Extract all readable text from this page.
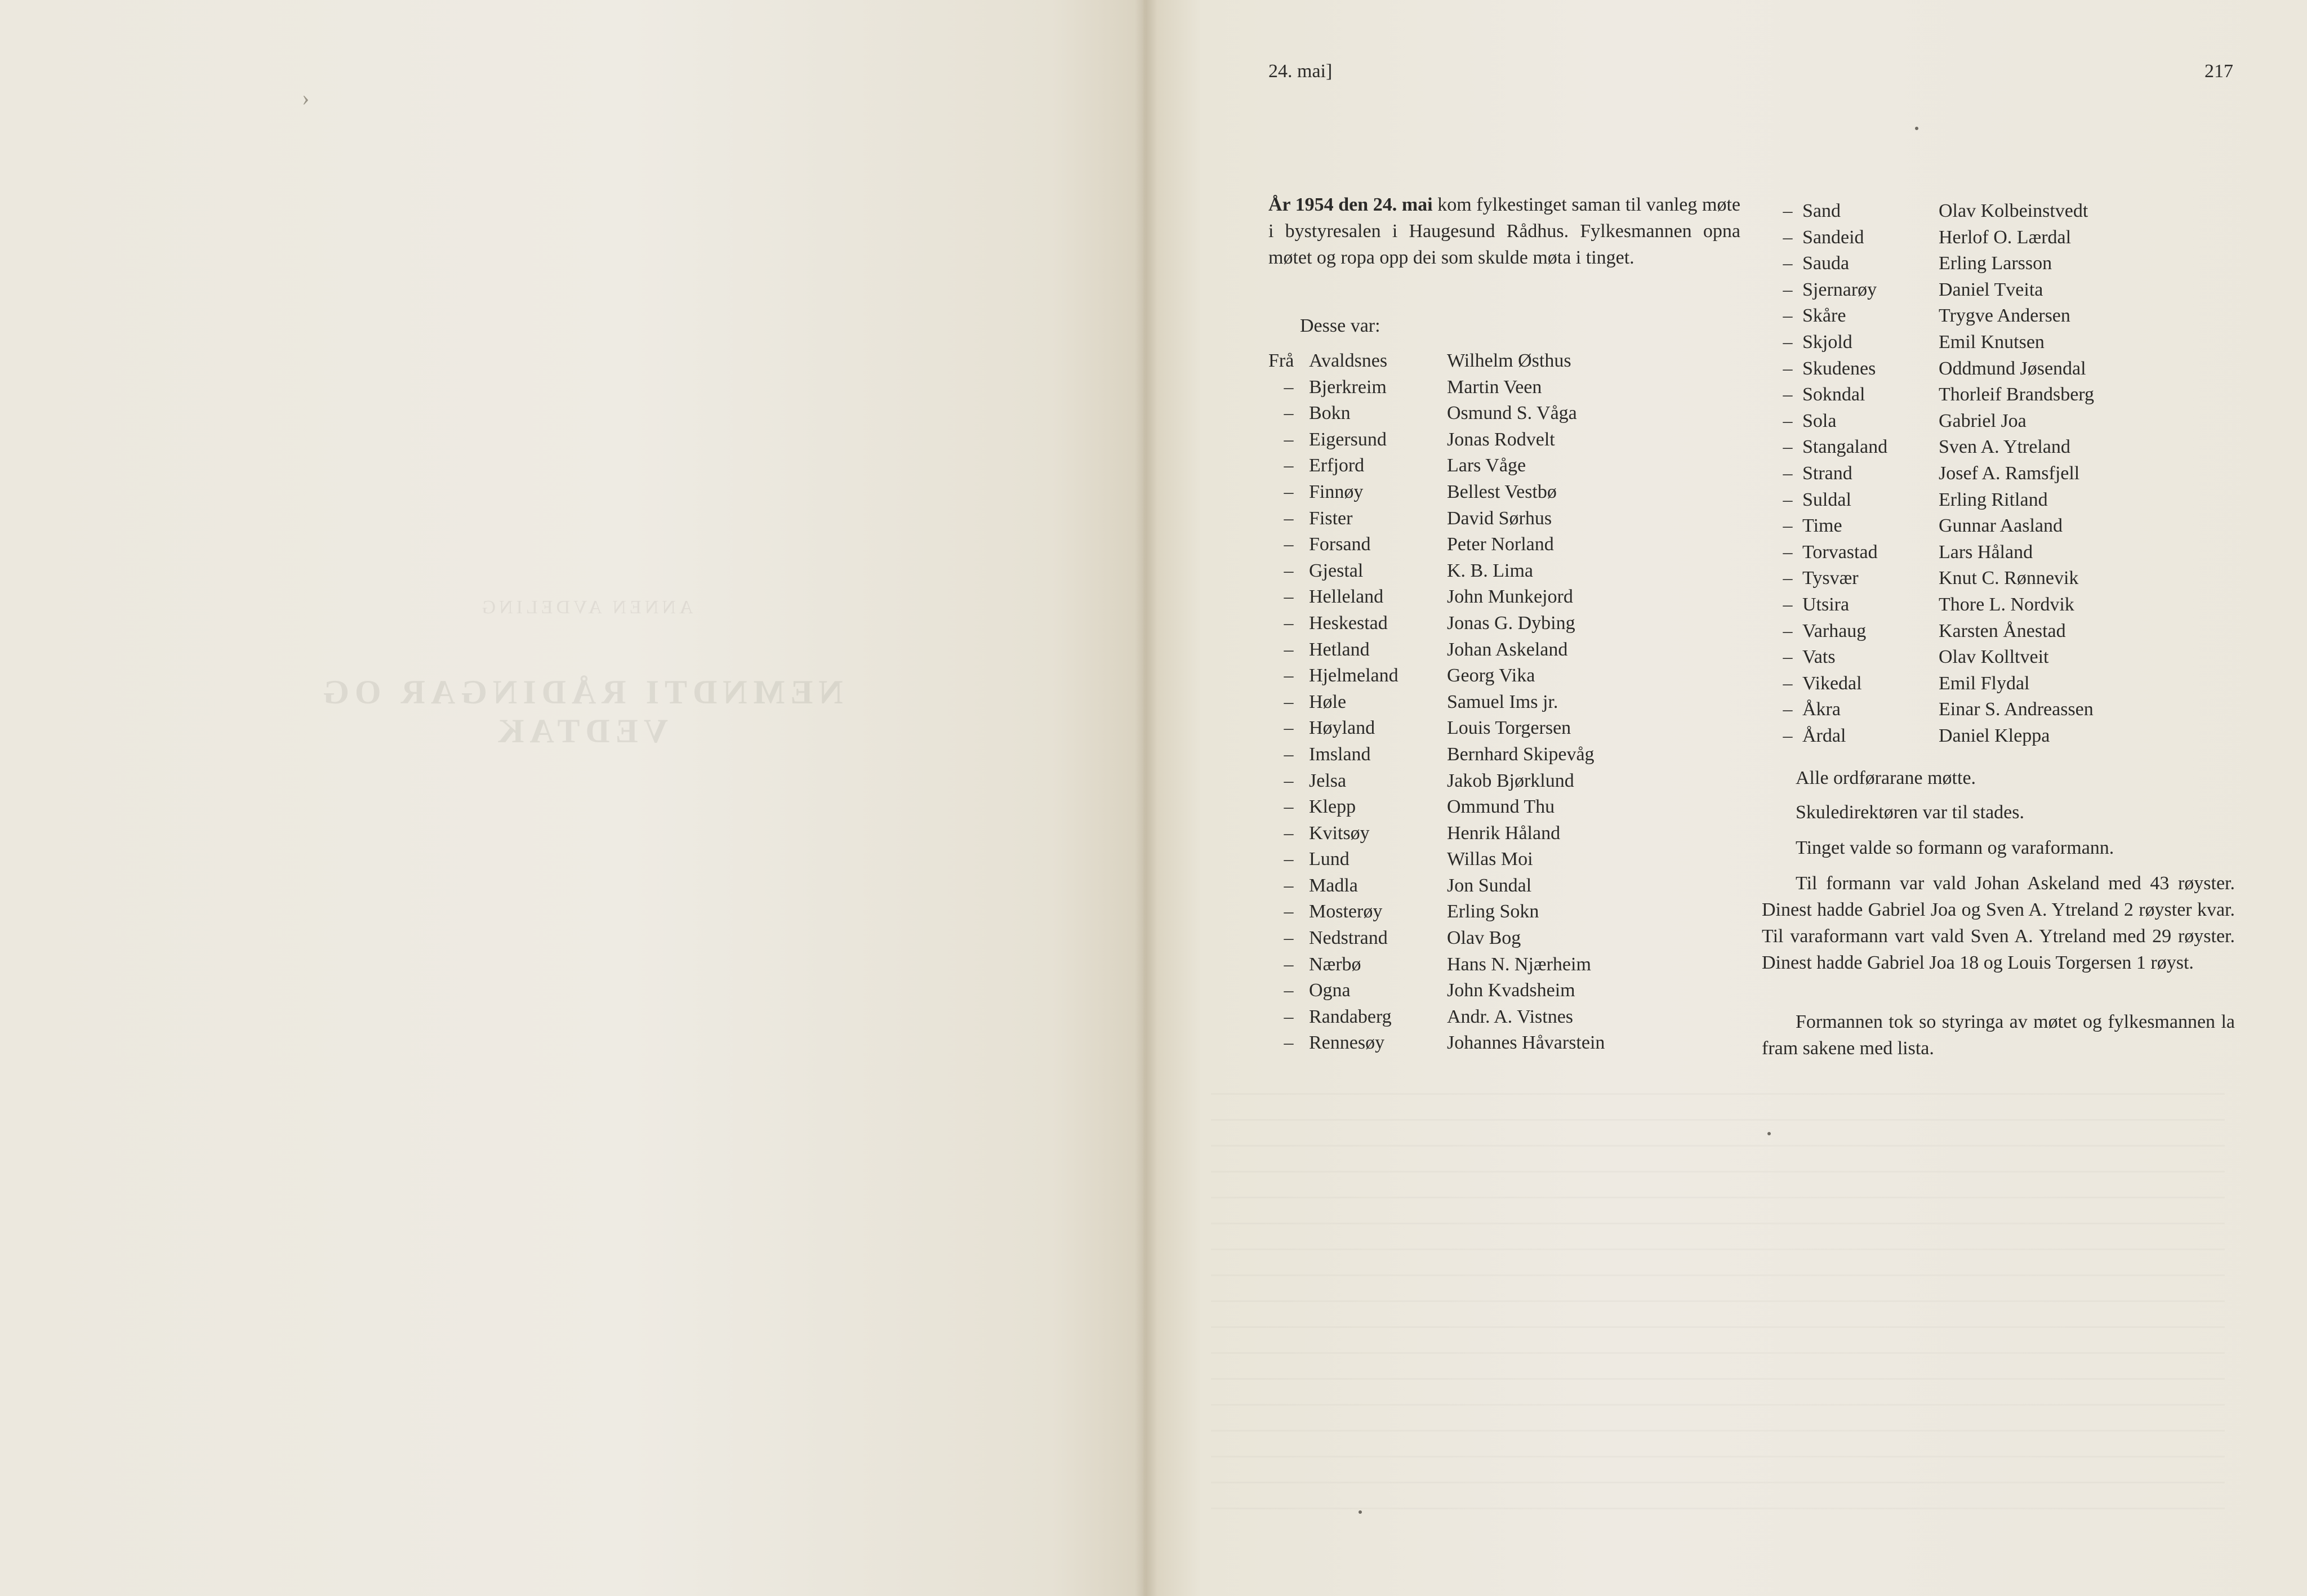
ANNEN AVDELING
NEMNDTI RÅDINGAR OG VEDTAK
›
24. mai]	217
År 1954 den 24. mai kom fylkestinget saman til vanleg møte i bystyresalen i Haugesund Rådhus. Fylkesmannen opna møtet og ropa opp dei som skulde møta i tinget.
Desse var:
Frå Avaldsnes	Wilhelm Østhus
– Bjerkreim	Martin Veen
– Bokn	Osmund S. Våga
– Eigersund	Jonas Rodvelt
– Erfjord	Lars Våge
– Finnøy	Bellest Vestbø
– Fister	David Sørhus
– Forsand	Peter Norland
– Gjestal	K. B. Lima
– Helleland	John Munkejord
– Heskestad	Jonas G. Dybing
– Hetland	Johan Askeland
– Hjelmeland	Georg Vika
– Høle	Samuel Ims jr.
– Høyland	Louis Torgersen
– Imsland	Bernhard Skipevåg
– Jelsa	Jakob Bjørklund
– Klepp	Ommund Thu
– Kvitsøy	Henrik Håland
– Lund	Willas Moi
– Madla	Jon Sundal
– Mosterøy	Erling Sokn
– Nedstrand	Olav Bog
– Nærbø	Hans N. Njærheim
– Ogna	John Kvadsheim
– Randaberg	Andr. A. Vistnes
– Rennesøy	Johannes Håvarstein
– Sand	Olav Kolbeinstvedt
– Sandeid	Herlof O. Lærdal
– Sauda	Erling Larsson
– Sjernarøy	Daniel Tveita
– Skåre	Trygve Andersen
– Skjold	Emil Knutsen
– Skudenes	Oddmund Jøsendal
– Sokndal	Thorleif Brandsberg
– Sola	Gabriel Joa
– Stangaland	Sven A. Ytreland
– Strand	Josef A. Ramsfjell
– Suldal	Erling Ritland
– Time	Gunnar Aasland
– Torvastad	Lars Håland
– Tysvær	Knut C. Rønnevik
– Utsira	Thore L. Nordvik
– Varhaug	Karsten Ånestad
– Vats	Olav Kolltveit
– Vikedal	Emil Flydal
– Åkra	Einar S. Andreassen
– Årdal	Daniel Kleppa
Alle ordførarane møtte.
Skuledirektøren var til stades.
Tinget valde so formann og varaformann.
Til formann var vald Johan Askeland med 43 røyster. Dinest hadde Gabriel Joa og Sven A. Ytreland 2 røyster kvar. Til varaformann vart vald Sven A. Ytreland med 29 røyster. Dinest hadde Gabriel Joa 18 og Louis Torgersen 1 røyst.
Formannen tok so styringa av møtet og fylkesmannen la fram sakene med lista.
